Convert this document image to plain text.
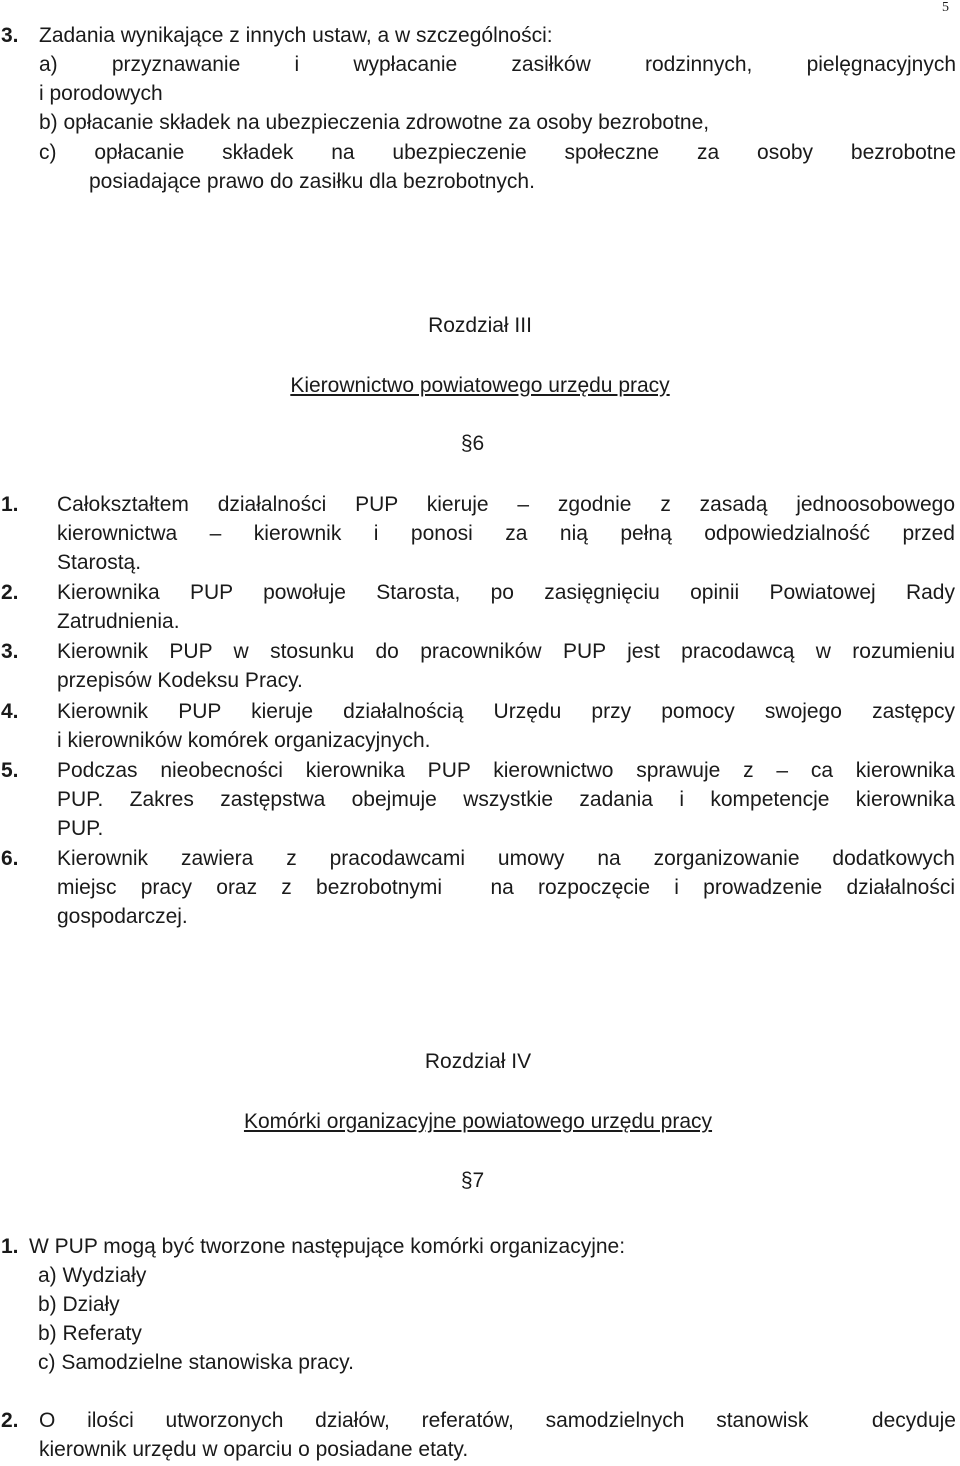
5
3. Zadania wynikające z innych ustaw, a w szczególności:
a) przyznawanie i wypłacanie zasiłków rodzinnych, pielęgnacyjnych
i porodowych
b) opłacanie składek na ubezpieczenia zdrowotne za osoby bezrobotne,
c) opłacanie składek na ubezpieczenie społeczne za osoby bezrobotne
posiadające prawo do zasiłku dla bezrobotnych.
Rozdział III
Kierownictwo powiatowego urzędu pracy
§6
1. Całokształtem działalności PUP kieruje – zgodnie z zasadą jednoosobowego
kierownictwa – kierownik i ponosi za nią pełną odpowiedzialność przed
Starostą.
2. Kierownika PUP powołuje Starosta, po zasięgnięciu opinii Powiatowej Rady
Zatrudnienia.
3. Kierownik PUP w stosunku do pracowników PUP jest pracodawcą w rozumieniu
przepisów Kodeksu Pracy.
4. Kierownik PUP kieruje działalnością Urzędu przy pomocy swojego zastępcy
i kierowników komórek organizacyjnych.
5. Podczas nieobecności kierownika PUP kierownictwo sprawuje z – ca kierownika
PUP. Zakres zastępstwa obejmuje wszystkie zadania i kompetencje kierownika
PUP.
6. Kierownik zawiera z pracodawcami umowy na zorganizowanie dodatkowych
miejsc pracy oraz z bezrobotnymi  na rozpoczęcie i prowadzenie działalności
gospodarczej.
Rozdział IV
Komórki organizacyjne powiatowego urzędu pracy
§7
1. W PUP mogą być tworzone następujące komórki organizacyjne:
a) Wydziały
b) Działy
b) Referaty
c) Samodzielne stanowiska pracy.
2. O ilości utworzonych działów, referatów, samodzielnych stanowisk  decyduje
kierownik urzędu w oparciu o posiadane etaty.
